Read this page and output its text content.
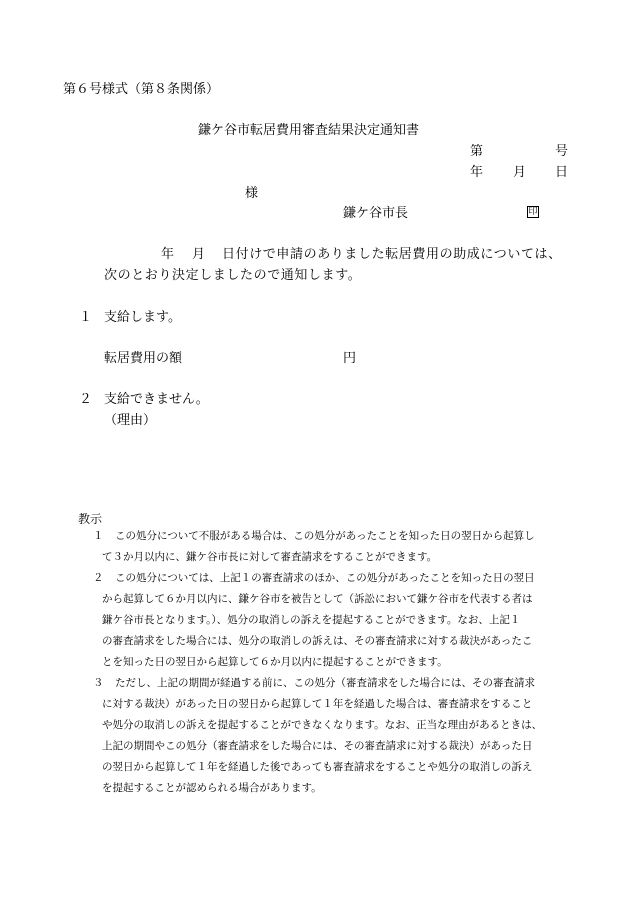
第６号様式（第８条関係）
鎌ケ谷市転居費用審査結果決定通知書
第	号
年 月 日
様
鎌ケ谷市長	印
年 月 日付けで申請のありました転居費用の助成については、
次のとおり決定しましたので通知します。
１ 支給します。
転居費用の額	円
２ 支給できません。
（理由）
教示
１ この処分について不服がある場合は、この処分があったことを知った日の翌日から起算し
て３か月以内に、鎌ケ谷市長に対して審査請求をすることができます。
２ この処分については、上記１の審査請求のほか、この処分があったことを知った日の翌日
から起算して６か月以内に、鎌ケ谷市を被告として（訴訟において鎌ケ谷市を代表する者は
鎌ケ谷市長となります。）、処分の取消しの訴えを提起することができます。なお、上記１
の審査請求をした場合には、処分の取消しの訴えは、その審査請求に対する裁決があったこ
とを知った日の翌日から起算して６か月以内に提起することができます。
３ ただし、上記の期間が経過する前に、この処分（審査請求をした場合には、その審査請求
に対する裁決）があった日の翌日から起算して１年を経過した場合は、審査請求をすること
や処分の取消しの訴えを提起することができなくなります。なお、正当な理由があるときは、
上記の期間やこの処分（審査請求をした場合には、その審査請求に対する裁決）があった日
の翌日から起算して１年を経過した後であっても審査請求をすることや処分の取消しの訴え
を提起することが認められる場合があります。
